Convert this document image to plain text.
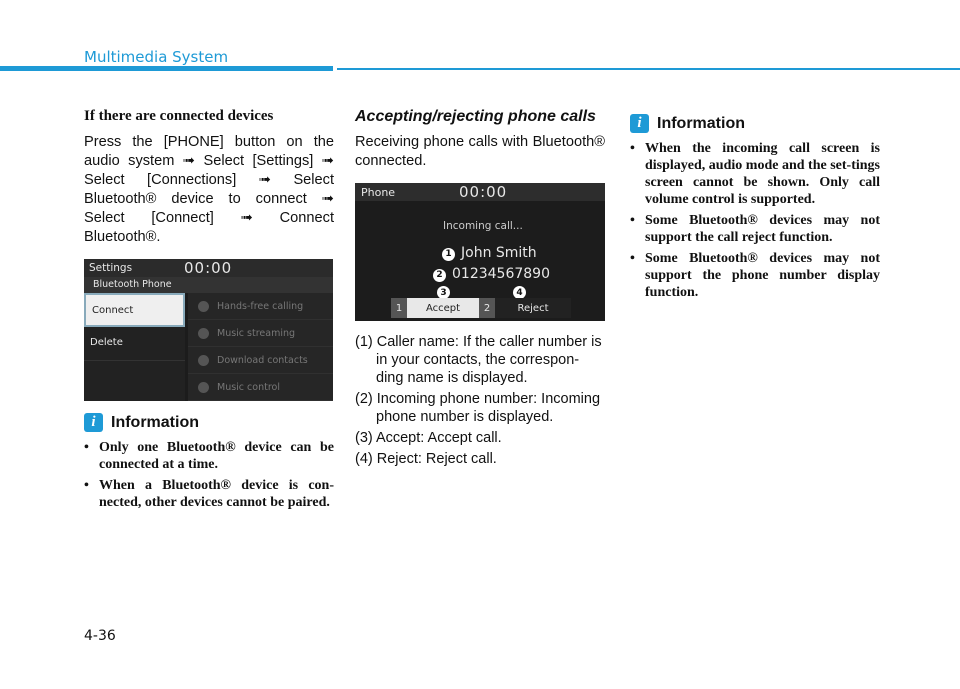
Multimedia System
If there are connected devices

Press the [PHONE] button on the audio system ➟ Select [Settings] ➟ Select [Connections] ➟ Select Bluetooth® device to connect ➟ Select [Connect] ➟ Connect Bluetooth®.

Settings	00:00
Bluetooth Phone
Connect
Delete
Hands-free calling
Music streaming
Download contacts
Music control
i Information
• Only one Bluetooth® device can be connected at a time.
• When a Bluetooth® device is con-nected, other devices cannot be paired.
Accepting/rejecting phone calls

Receiving phone calls with Bluetooth® connected.

Phone	00:00
Incoming call...
1 John Smith
2 01234567890
3	4
1	Accept	2	Reject
(1) Caller name: If the caller number is in your contacts, the correspon-ding name is displayed.
(2) Incoming phone number: Incoming phone number is displayed.
(3) Accept: Accept call.
(4) Reject: Reject call.
i Information
• When the incoming call screen is displayed, audio mode and the set-tings screen cannot be shown. Only call volume control is supported.
• Some Bluetooth® devices may not support the call reject function.
• Some Bluetooth® devices may not support the phone number display function.
4-36
